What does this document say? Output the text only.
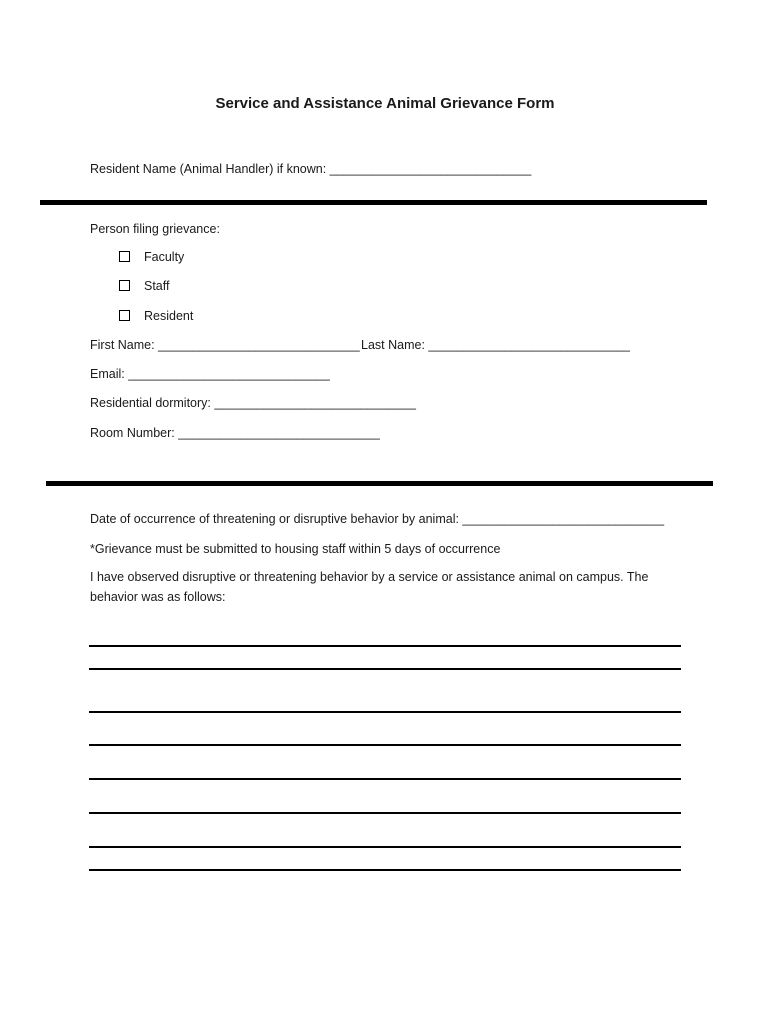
Service and Assistance Animal Grievance Form
Resident Name (Animal Handler) if known: _____________________________
Person filing grievance:
Faculty
Staff
Resident
First Name: _____________________________ Last Name: _____________________________
Email: _____________________________
Residential dormitory: _____________________________
Room Number: _____________________________
Date of occurrence of threatening or disruptive behavior by animal: _____________________________
*Grievance must be submitted to housing staff within 5 days of occurrence
I have observed disruptive or threatening behavior by a service or assistance animal on campus. The
behavior was as follows:
